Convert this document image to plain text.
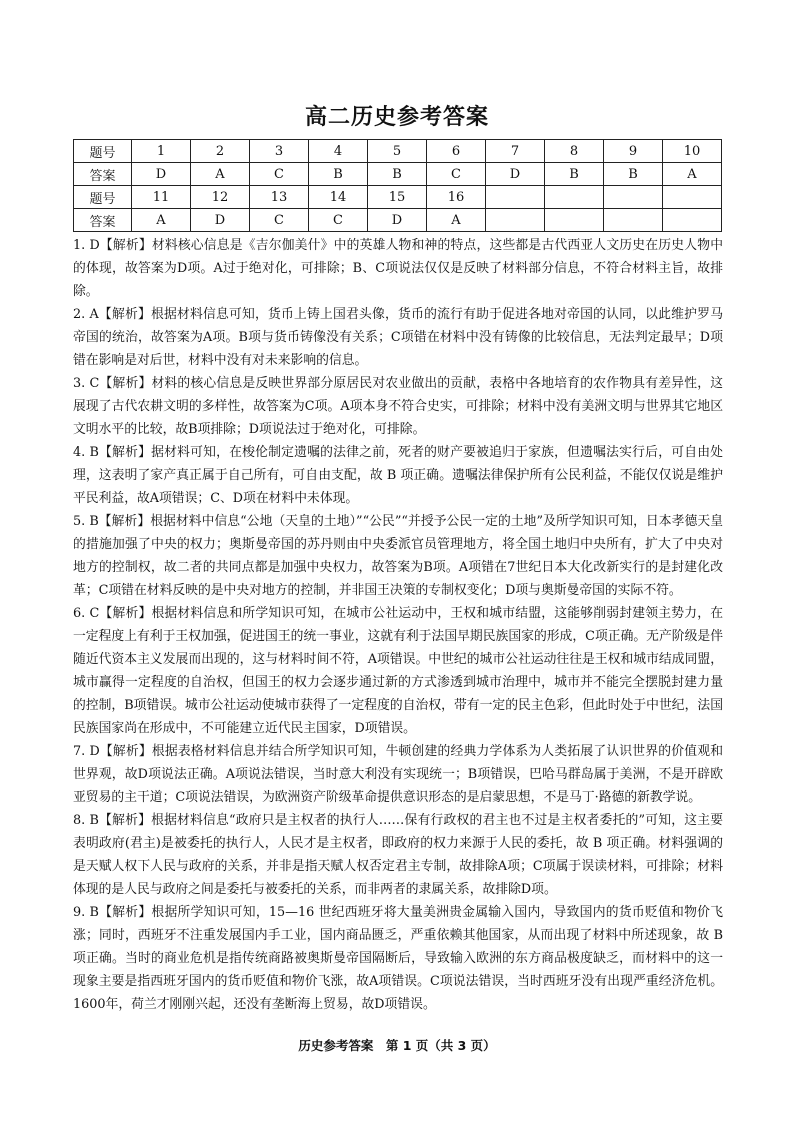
高二历史参考答案
题号	1	2	3	4	5	6	7	8	9	10
答案	D	A	C	B	B	C	D	B	B	A
题号	11	12	13	14	15	16				
答案	A	D	C	C	D	A				

1. D【解析】材料核心信息是《吉尔伽美什》中的英雄人物和神的特点，这些都是古代西亚人文历史在历史人物中的体现，故答案为D项。A过于绝对化，可排除；B、C项说法仅仅是反映了材料部分信息，不符合材料主旨，故排除。

2. A【解析】根据材料信息可知，货币上铸上国君头像，货币的流行有助于促进各地对帝国的认同，以此维护罗马帝国的统治，故答案为A项。B项与货币铸像没有关系；C项错在材料中没有铸像的比较信息，无法判定最早；D项错在影响是对后世，材料中没有对未来影响的信息。

3. C【解析】材料的核心信息是反映世界部分原居民对农业做出的贡献，表格中各地培育的农作物具有差异性，这展现了古代农耕文明的多样性，故答案为C项。A项本身不符合史实，可排除；材料中没有美洲文明与世界其它地区文明水平的比较，故B项排除；D项说法过于绝对化，可排除。

4. B【解析】据材料可知，在梭伦制定遗嘱的法律之前，死者的财产要被追归于家族，但遗嘱法实行后，可自由处理，这表明了家产真正属于自己所有，可自由支配，故 B 项正确。遗嘱法律保护所有公民利益，不能仅仅说是维护平民利益，故A项错误；C、D项在材料中未体现。

5. B【解析】根据材料中信息“公地（天皇的土地）”“公民”“并授予公民一定的土地”及所学知识可知，日本孝德天皇的措施加强了中央的权力；奥斯曼帝国的苏丹则由中央委派官员管理地方，将全国土地归中央所有，扩大了中央对地方的控制权，故二者的共同点都是加强中央权力，故答案为B项。A项错在7世纪日本大化改新实行的是封建化改革；C项错在材料反映的是中央对地方的控制，并非国王决策的专制权变化；D项与奥斯曼帝国的实际不符。

6. C【解析】根据材料信息和所学知识可知，在城市公社运动中，王权和城市结盟，这能够削弱封建领主势力，在一定程度上有利于王权加强，促进国王的统一事业，这就有利于法国早期民族国家的形成，C项正确。无产阶级是伴随近代资本主义发展而出现的，这与材料时间不符，A项错误。中世纪的城市公社运动往往是王权和城市结成同盟，城市赢得一定程度的自治权，但国王的权力会逐步通过新的方式渗透到城市治理中，城市并不能完全摆脱封建力量的控制，B项错误。城市公社运动使城市获得了一定程度的自治权，带有一定的民主色彩，但此时处于中世纪，法国民族国家尚在形成中，不可能建立近代民主国家，D项错误。

7. D【解析】根据表格材料信息并结合所学知识可知，牛顿创建的经典力学体系为人类拓展了认识世界的价值观和世界观，故D项说法正确。A项说法错误，当时意大利没有实现统一；B项错误，巴哈马群岛属于美洲，不是开辟欧亚贸易的主干道；C项说法错误，为欧洲资产阶级革命提供意识形态的是启蒙思想，不是马丁·路德的新教学说。

8. B【解析】根据材料信息“政府只是主权者的执行人……保有行政权的君主也不过是主权者委托的”可知，这主要表明政府(君主)是被委托的执行人，人民才是主权者，即政府的权力来源于人民的委托，故 B 项正确。材料强调的是天赋人权下人民与政府的关系，并非是指天赋人权否定君主专制，故排除A项；C项属于误读材料，可排除；材料体现的是人民与政府之间是委托与被委托的关系，而非两者的隶属关系，故排除D项。

9. B【解析】根据所学知识可知，15—16 世纪西班牙将大量美洲贵金属输入国内，导致国内的货币贬值和物价飞涨；同时，西班牙不注重发展国内手工业，国内商品匮乏，严重依赖其他国家，从而出现了材料中所述现象，故 B 项正确。当时的商业危机是指传统商路被奥斯曼帝国隔断后，导致输入欧洲的东方商品极度缺乏，而材料中的这一现象主要是指西班牙国内的货币贬值和物价飞涨，故A项错误。C项说法错误，当时西班牙没有出现严重经济危机。1600年，荷兰才刚刚兴起，还没有垄断海上贸易，故D项错误。

历史参考答案　第 1 页（共 3 页）
